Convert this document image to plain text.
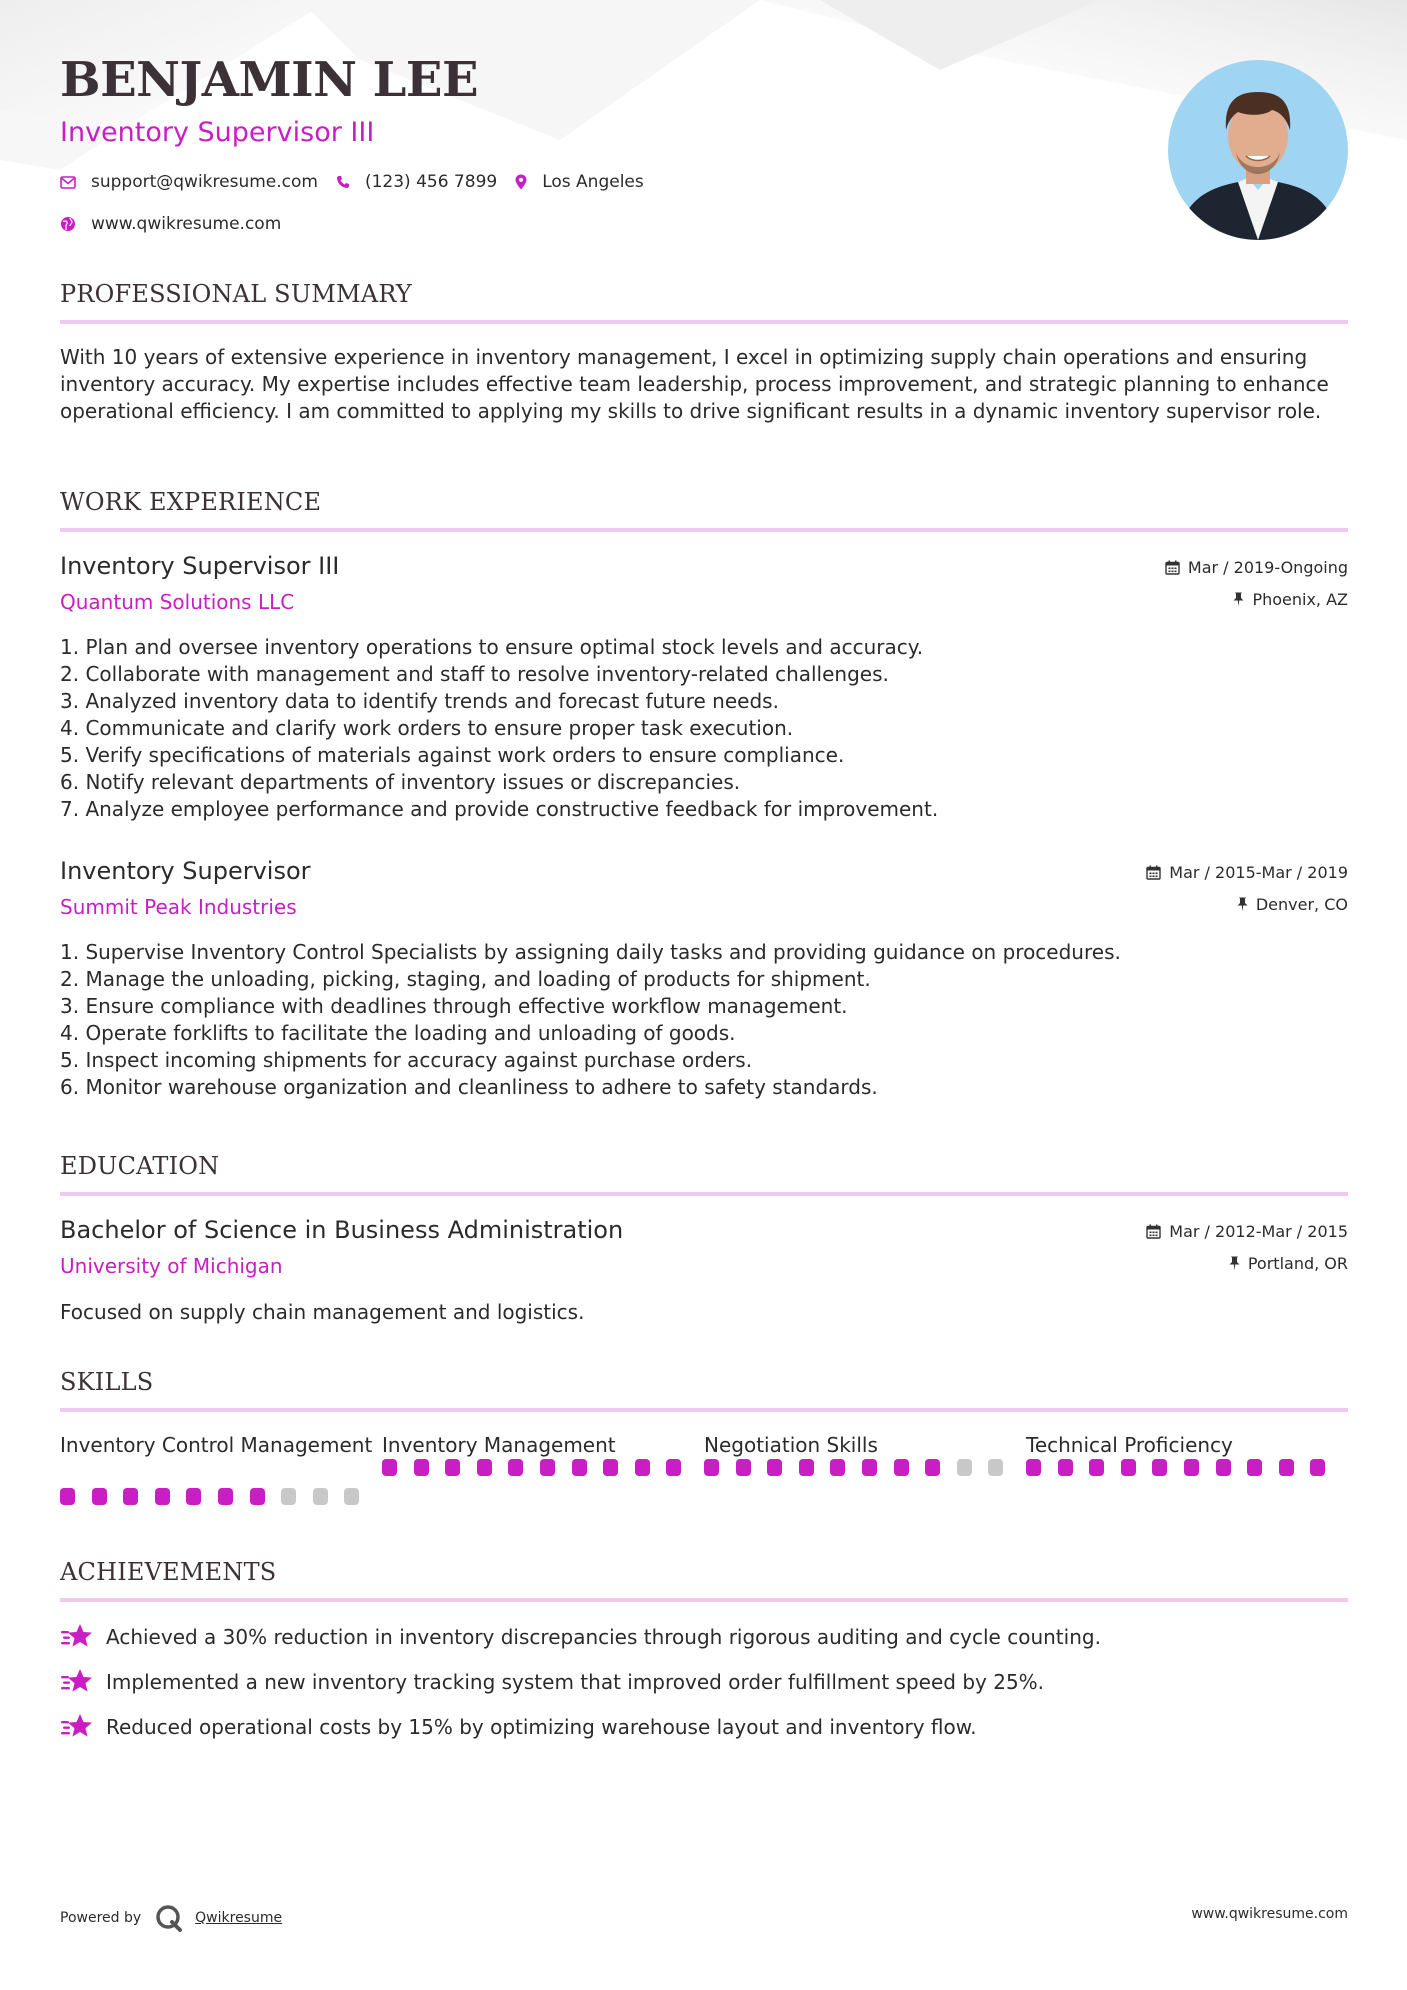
BENJAMIN LEE
Inventory Supervisor III
support@qwikresume.com	(123) 456 7899	Los Angeles
www.qwikresume.com
PROFESSIONAL SUMMARY

With 10 years of extensive experience in inventory management, I excel in optimizing supply chain operations and ensuring inventory accuracy. My expertise includes effective team leadership, process improvement, and strategic planning to enhance operational efficiency. I am committed to applying my skills to drive significant results in a dynamic inventory supervisor role.

WORK EXPERIENCE
Inventory Supervisor III
Quantum Solutions LLC
Mar / 2019-Ongoing
Phoenix, AZ
1. Plan and oversee inventory operations to ensure optimal stock levels and accuracy.
2. Collaborate with management and staff to resolve inventory-related challenges.
3. Analyzed inventory data to identify trends and forecast future needs.
4. Communicate and clarify work orders to ensure proper task execution.
5. Verify specifications of materials against work orders to ensure compliance.
6. Notify relevant departments of inventory issues or discrepancies.
7. Analyze employee performance and provide constructive feedback for improvement.
Inventory Supervisor
Summit Peak Industries
Mar / 2015-Mar / 2019
Denver, CO
1. Supervise Inventory Control Specialists by assigning daily tasks and providing guidance on procedures.
2. Manage the unloading, picking, staging, and loading of products for shipment.
3. Ensure compliance with deadlines through effective workflow management.
4. Operate forklifts to facilitate the loading and unloading of goods.
5. Inspect incoming shipments for accuracy against purchase orders.
6. Monitor warehouse organization and cleanliness to adhere to safety standards.
EDUCATION
Bachelor of Science in Business Administration
University of Michigan
Mar / 2012-Mar / 2015
Portland, OR
Focused on supply chain management and logistics.
SKILLS
Inventory Control Management Inventory Management	Negotiation Skills	Technical Proficiency
ACHIEVEMENTS
Achieved a 30% reduction in inventory discrepancies through rigorous auditing and cycle counting.
Implemented a new inventory tracking system that improved order fulfillment speed by 25%.
Reduced operational costs by 15% by optimizing warehouse layout and inventory flow.
Powered by	Qwikresume	www.qwikresume.com
